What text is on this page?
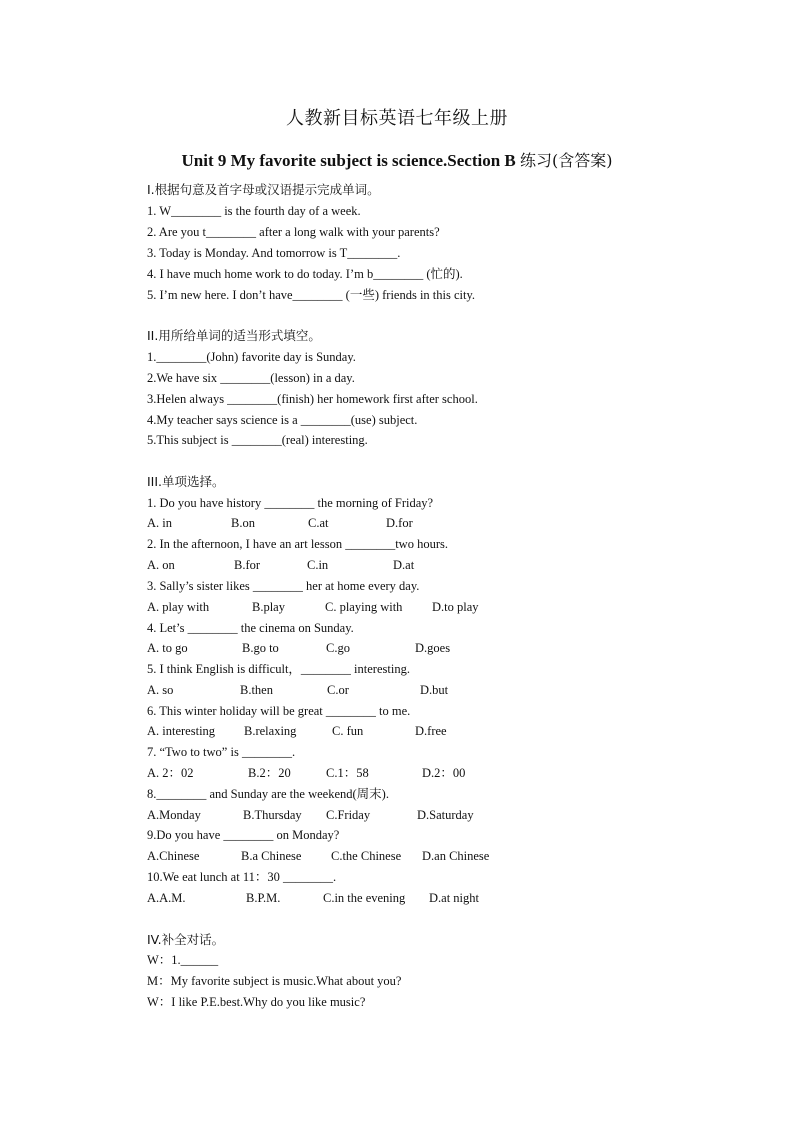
人教新目标英语七年级上册
Unit 9 My favorite subject is science.Section B 练习(含答案)
I.根据句意及首字母或汉语提示完成单词。
1. W________ is the fourth day of a week.
2. Are you t________ after a long walk with your parents?
3. Today is Monday. And tomorrow is T________.
4. I have much home work to do today. I’m b________ (忙的).
5. I’m new here. I don’t have________ (一些) friends in this city.
II.用所给单词的适当形式填空。
1.________(John) favorite day is Sunday.
2.We have six ________(lesson) in a day.
3.Helen always ________(finish) her homework first after school.
4.My teacher says science is a ________(use) subject.
5.This subject is ________(real) interesting.
III.单项选择。
1. Do you have history ________ the morning of Friday?
A. in	B.on	C.at	D.for
2. In the afternoon, I have an art lesson ________two hours.
A. on	B.for	C.in	D.at
3. Sally’s sister likes ________ her at home every day.
A. play with	B.play	C. playing with D.to play
4. Let’s ________ the cinema on Sunday.
A. to go	B.go to	C.go	D.goes
5. I think English is difficult，________ interesting.
A. so	B.then	C.or	D.but
6. This winter holiday will be great ________ to me.
A. interesting B.relaxing	C. fun	D.free
7. “Two to two” is ________.
A. 2：02	B.2：20	C.1：58	D.2：00
8.________ and Sunday are the weekend(周末).
A.Monday	B.Thursday C.Friday	D.Saturday
9.Do you have ________ on Monday?
A.Chinese	B.a Chinese C.the Chinese D.an Chinese
10.We eat lunch at 11：30 ________.
A.A.M.	B.P.M.	C.in the evening D.at night
IV.补全对话。
W：1.______
M：My favorite subject is music.What about you?
W：I like P.E.best.Why do you like music?
